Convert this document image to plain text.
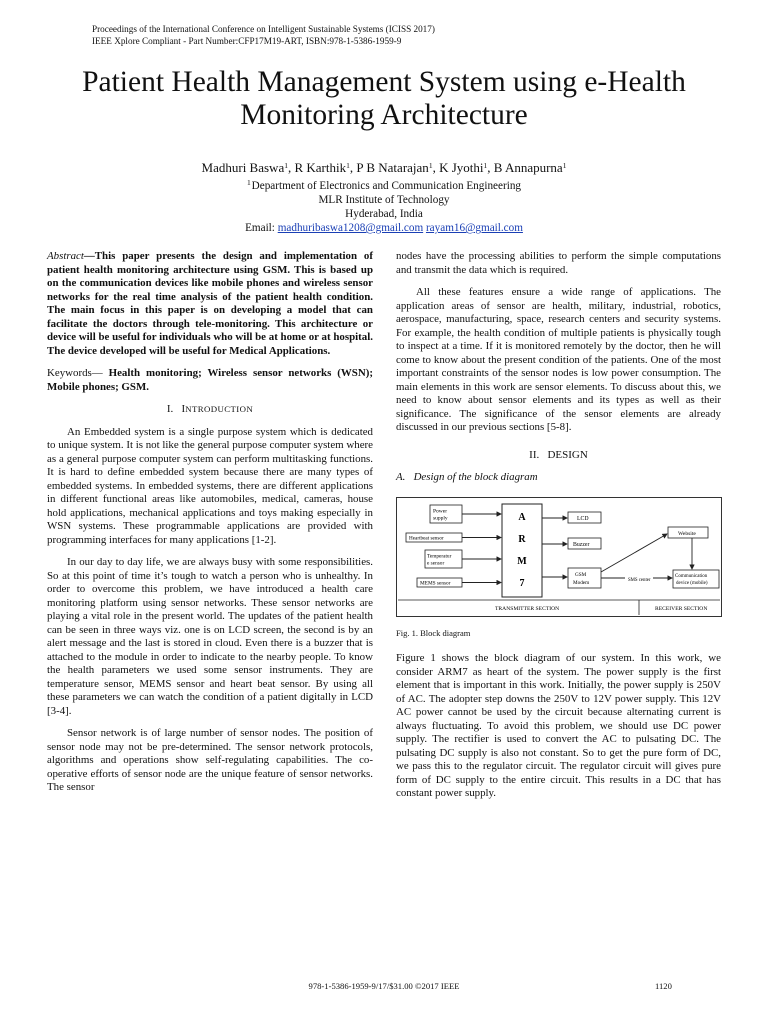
Proceedings of the International Conference on Intelligent Sustainable Systems (ICISS 2017)
IEEE Xplore Compliant - Part Number:CFP17M19-ART, ISBN:978-1-5386-1959-9
Patient Health Management System using e-Health
Monitoring Architecture
Madhuri Baswa$^1$, R Karthik$^1$, P B Natarajan$^1$, K Jyothi$^1$, B Annapurna$^1$
$^1$ Department of Electronics and Communication Engineering
MLR Institute of Technology
Hyderabad, India
Email: madhuribaswa1208@gmail.com rayam16@gmail.com

Abstract—This paper presents the design and implementation of patient health monitoring architecture using GSM. This is based up on the communication devices like mobile phones and wireless sensor networks for the real time analysis of the patient health condition. The main focus in this paper is on developing a model that can facilitate the doctors through tele-monitoring. This architecture or device will be useful for individuals who will be at home or at hospital. The device developed will be useful for Medical Applications.

Keywords— Health monitoring; Wireless sensor networks (WSN); Mobile phones; GSM.

I. INTRODUCTION

An Embedded system is a single purpose system which is dedicated to unique system. It is not like the general purpose computer system where as a general purpose computer system can perform multitasking functions. It is hard to define embedded system because there are many types of embedded systems. In embedded systems, there are different applications in different functional areas like automobiles, medical, cameras, house hold applications, mechanical applications and toys making especially in WSN systems. These programmable applications are provided with programming interfaces for many applications [1-2].

In our day to day life, we are always busy with some responsibilities. So at this point of time it’s tough to watch a person who is unhealthy. In order to overcome this problem, we have introduced a health care monitoring platform using sensor networks. These sensor networks are playing a vital role in the present world. The updates of the patient health can be seen in three ways viz. one is on LCD screen, the second is by an alert message and the last is stored in cloud. Even there is a buzzer that is attached to the module in order to indicate to the nearby people. To know the health parameters we used some sensor instruments. They are temperature sensor, MEMS sensor and heart beat sensor. By using all these parameters we can watch the condition of a patient digitally in LCD [3-4].

Sensor network is of large number of sensor nodes. The position of sensor node may not be pre-determined. The sensor network protocols, algorithms and operations show self-regulating capabilities. The co-operative efforts of sensor node are the unique feature of sensor networks. The sensor

nodes have the processing abilities to perform the simple computations and transmit the data which is required.

All these features ensure a wide range of applications. The application areas of sensor are health, military, industrial, robotics, aerospace, manufacturing, space, research centers and security systems. For example, the health condition of multiple patients is physically tough to inspect at a time. If it is monitored remotely by the doctor, then he will come to know about the present condition of the patients. One of the most important constraints of the sensor nodes is low power consumption. The main elements in this work are sensor elements. To discuss about this, we need to know about sensor elements and its types as well as their significance. The significance of the sensor elements are already discussed in our previous sections [5-8].

II. DESIGN
A. Design of the block diagram
Power
supply
Heartbeat sensor
Temperatur
e sensor
MEMS sensor
A
R
M
7
LCD
Buzzer
GSM
Modem	SMS center
Website
Communication
device (mobile)
TRANSMITTER SECTION	RECEIVER SECTION
Fig. 1. Block diagram

Figure 1 shows the block diagram of our system. In this work, we consider ARM7 as heart of the system. The power supply is the first element that is important in this work. Initially, the power supply is 250V of AC. The adopter step downs the 250V to 12V power supply. This 12V AC power cannot be used by the circuit because alternating current is always fluctuating. To avoid this problem, we should use DC power supply. The rectifier is used to convert the AC to pulsating DC. The pulsating DC supply is also not constant. So to get the pure form of DC, we pass this to the regulator circuit. The regulator circuit will gives pure form of DC supply to the entire circuit. This results in a DC that has constant power supply.

978-1-5386-1959-9/17/$31.00 ©2017 IEEE	1120
